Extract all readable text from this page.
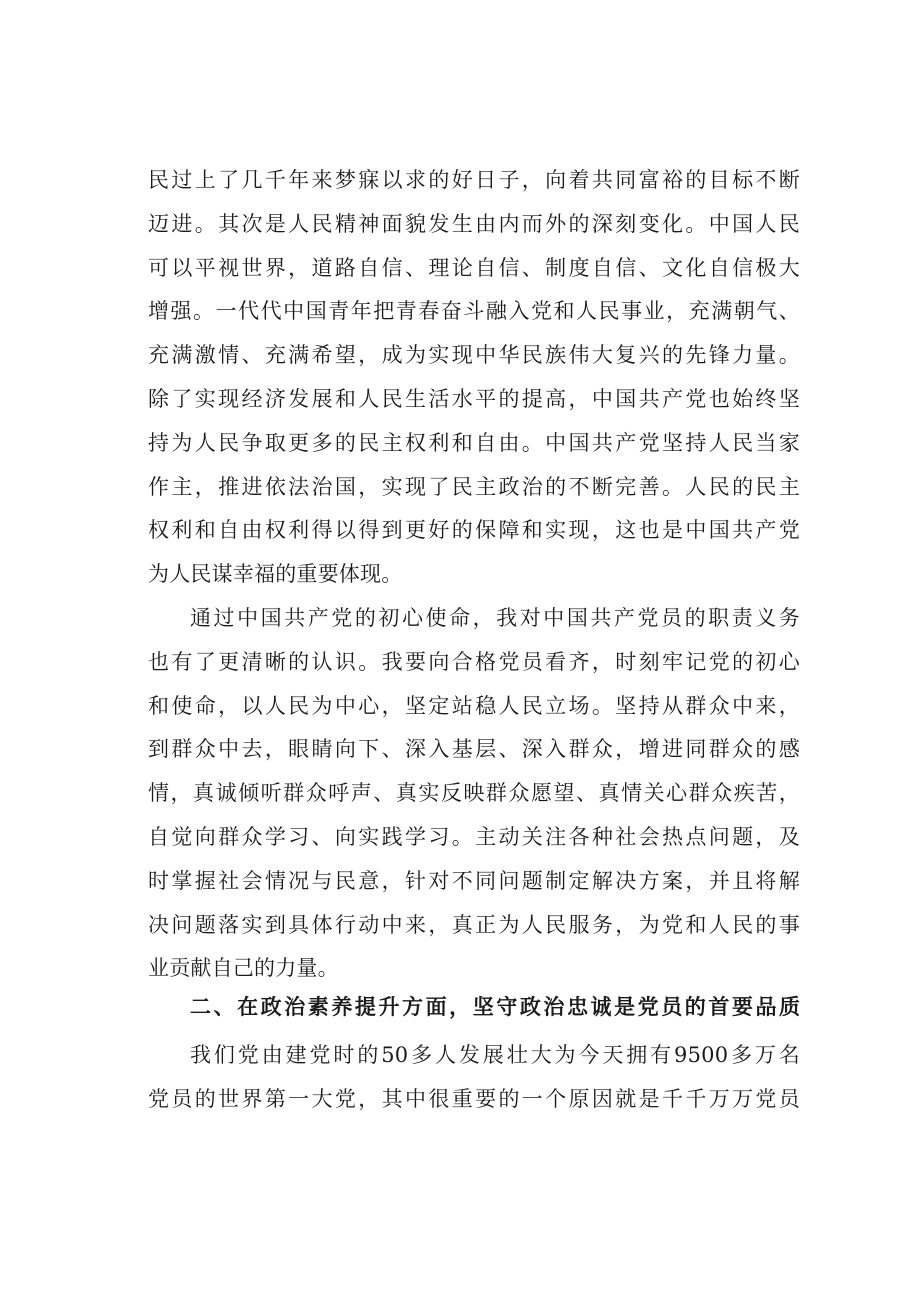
民过上了几千年来梦寐以求的好日子，向着共同富裕的目标不断
迈进。其次是人民精神面貌发生由内而外的深刻变化。中国人民
可以平视世界，道路自信、理论自信、制度自信、文化自信极大
增强。一代代中国青年把青春奋斗融入党和人民事业，充满朝气、
充满激情、充满希望，成为实现中华民族伟大复兴的先锋力量。
除了实现经济发展和人民生活水平的提高，中国共产党也始终坚
持为人民争取更多的民主权利和自由。中国共产党坚持人民当家
作主，推进依法治国，实现了民主政治的不断完善。人民的民主
权利和自由权利得以得到更好的保障和实现，这也是中国共产党
为人民谋幸福的重要体现。
通过中国共产党的初心使命，我对中国共产党员的职责义务
也有了更清晰的认识。我要向合格党员看齐，时刻牢记党的初心
和使命，以人民为中心，坚定站稳人民立场。坚持从群众中来，
到群众中去，眼睛向下、深入基层、深入群众，增进同群众的感
情，真诚倾听群众呼声、真实反映群众愿望、真情关心群众疾苦，
自觉向群众学习、向实践学习。主动关注各种社会热点问题，及
时掌握社会情况与民意，针对不同问题制定解决方案，并且将解
决问题落实到具体行动中来，真正为人民服务，为党和人民的事
业贡献自己的力量。
二、在政治素养提升方面，坚守政治忠诚是党员的首要品质
我们党由建党时的50多人发展壮大为今天拥有9500多万名
党员的世界第一大党，其中很重要的一个原因就是千千万万党员
